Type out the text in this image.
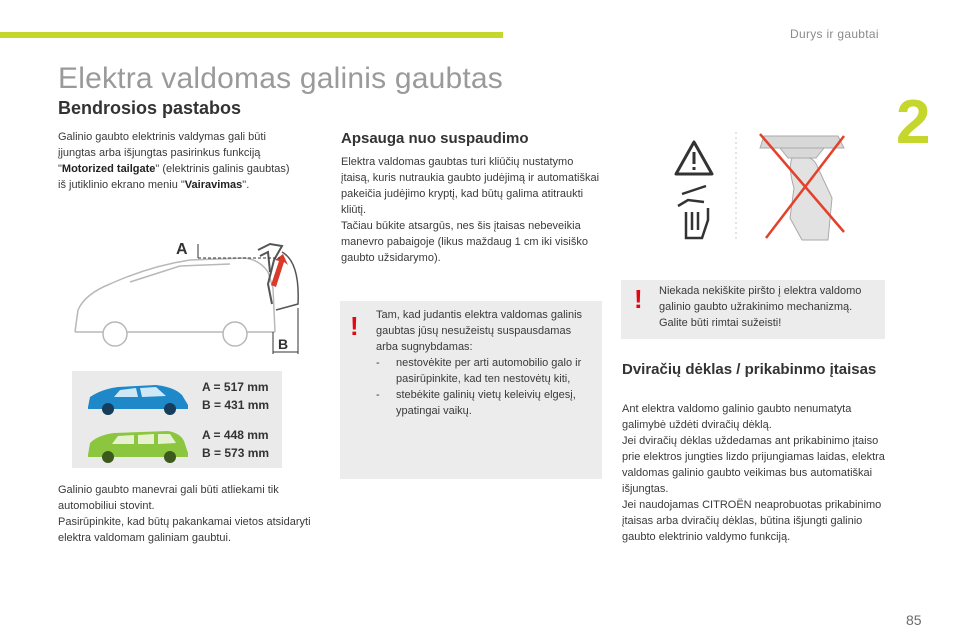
Durys ir gaubtai
2
85
Elektra valdomas galinis gaubtas
Bendrosios pastabos

Galinio gaubto elektrinis valdymas gali būti įjungtas arba išjungtas pasirinkus funkciją "Motorized tailgate" (elektrinis galinis gaubtas) iš jutiklinio ekrano meniu "Vairavimas".

A
B
A = 517 mm
B = 431 mm
A = 448 mm
B = 573 mm

Galinio gaubto manevrai gali būti atliekami tik automobiliui stovint.

Pasirūpinkite, kad būtų pakankamai vietos atsidaryti elektra valdomam galiniam gaubtui.

Apsauga nuo suspaudimo

Elektra valdomas gaubtas turi kliūčių nustatymo įtaisą, kuris nutraukia gaubto judėjimą ir automatiškai pakeičia judėjimo kryptį, kad būtų galima atitraukti kliūtį.

Tačiau būkite atsargūs, nes šis įtaisas nebeveikia manevro pabaigoje (likus maždaug 1 cm iki visiško gaubto užsidarymo).

! Tam, kad judantis elektra valdomas galinis gaubtas jūsų nesužeistų suspausdamas arba sugnybdamas:

-	nestovėkite per arti automobilio galo ir pasirūpinkite, kad ten nestovėtų kiti,
-	stebėkite galinių vietų keleivių elgesį, ypatingai vaikų.
! Niekada nekiškite piršto į elektra valdomo galinio gaubto užrakinimo mechanizmą. Galite būti rimtai sužeisti!

Dviračių dėklas / prikabinmo įtaisas

Ant elektra valdomo galinio gaubto nenumatyta galimybė uždėti dviračių dėklą.

Jei dviračių dėklas uždedamas ant prikabinimo įtaiso prie elektros jungties lizdo prijungiamas laidas, elektra valdomas galinio gaubto veikimas bus automatiškai išjungtas.

Jei naudojamas CITROËN neaprobuotas prikabinimo įtaisas arba dviračių dėklas, būtina išjungti galinio gaubto elektrinio valdymo funkciją.
